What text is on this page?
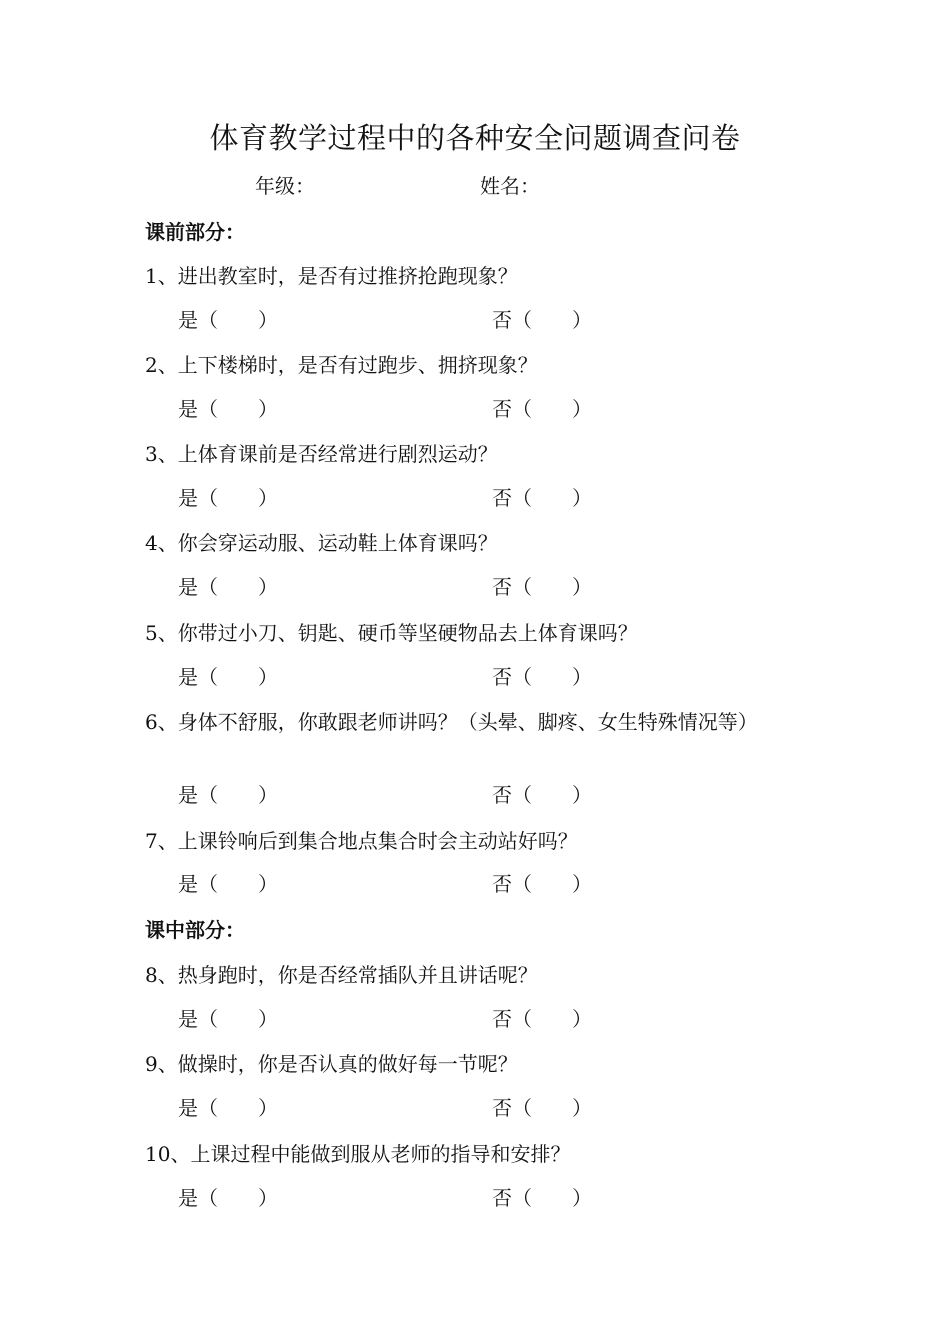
体育教学过程中的各种安全问题调查问卷
年级：	姓名：
课前部分：
1、进出教室时，是否有过推挤抢跑现象？
是（ ）	否（ ）
2、上下楼梯时，是否有过跑步、拥挤现象？
是（ ）	否（ ）
3、上体育课前是否经常进行剧烈运动？
是（ ）	否（ ）
4、你会穿运动服、运动鞋上体育课吗？
是（ ）	否（ ）
5、你带过小刀、钥匙、硬币等坚硬物品去上体育课吗？
是（ ）	否（ ）
6、身体不舒服，你敢跟老师讲吗？（头晕、脚疼、女生特殊情况等）
是（ ）	否（ ）
7、上课铃响后到集合地点集合时会主动站好吗？
是（ ）	否（ ）
课中部分：
8、热身跑时，你是否经常插队并且讲话呢？
是（ ）	否（ ）
9、做操时，你是否认真的做好每一节呢？
是（ ）	否（ ）
10、上课过程中能做到服从老师的指导和安排？
是（ ）	否（ ）
